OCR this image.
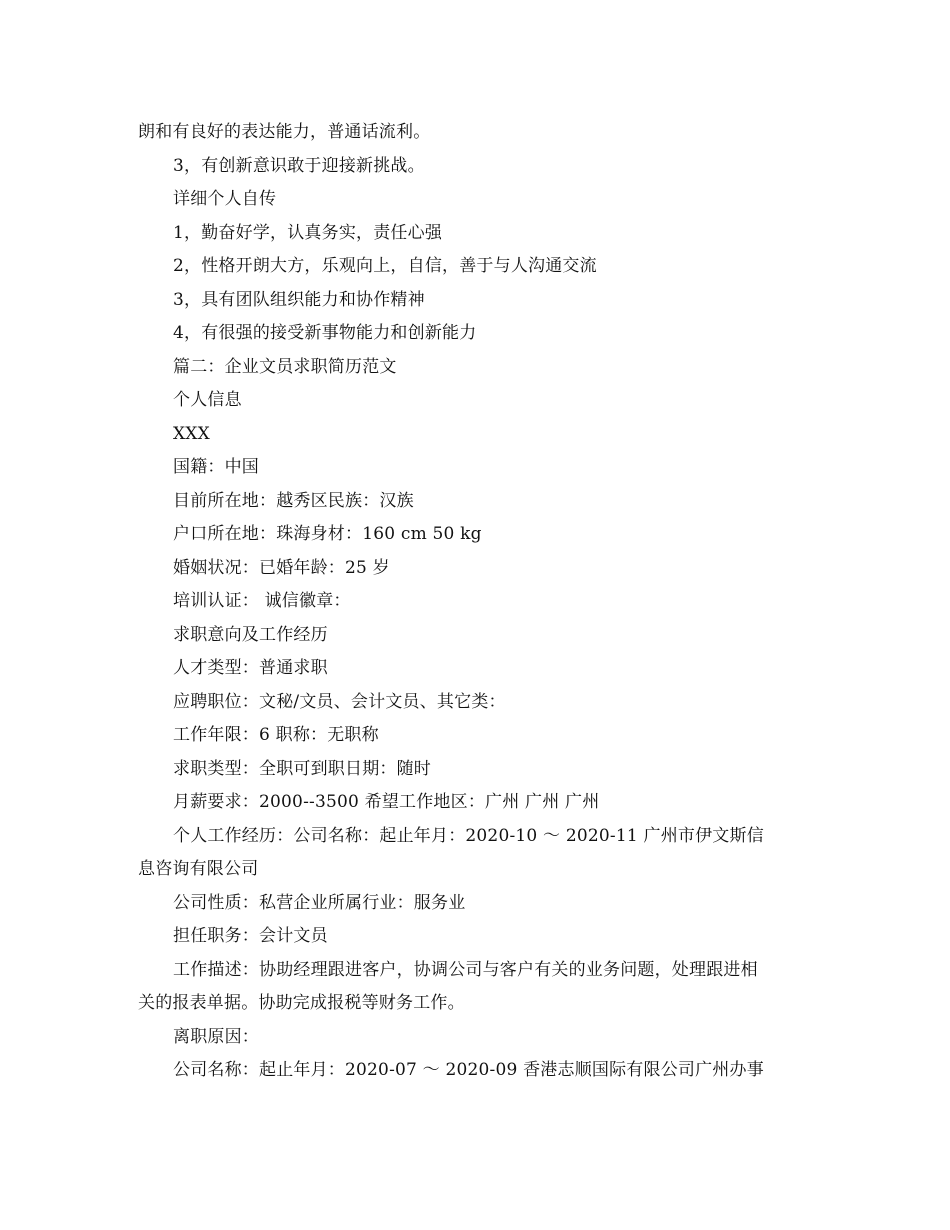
朗和有良好的表达能力，普通话流利。
3，有创新意识敢于迎接新挑战。
详细个人自传
1，勤奋好学，认真务实，责任心强
2，性格开朗大方，乐观向上，自信，善于与人沟通交流
3，具有团队组织能力和协作精神
4，有很强的接受新事物能力和创新能力
篇二：企业文员求职简历范文
个人信息
XXX
国籍：中国
目前所在地：越秀区民族：汉族
户口所在地：珠海身材：160 cm 50 kg
婚姻状况：已婚年龄：25 岁
培训认证： 诚信徽章：
求职意向及工作经历
人才类型：普通求职
应聘职位：文秘/文员、会计文员、其它类：
工作年限：6 职称：无职称
求职类型：全职可到职日期：随时
月薪要求：2000--3500 希望工作地区：广州 广州 广州
个人工作经历：公司名称：起止年月：2020-10 ～ 2020-11 广州市伊文斯信
息咨询有限公司
公司性质：私营企业所属行业：服务业
担任职务：会计文员
工作描述：协助经理跟进客户，协调公司与客户有关的业务问题，处理跟进相
关的报表单据。协助完成报税等财务工作。
离职原因：
公司名称：起止年月：2020-07 ～ 2020-09 香港志顺国际有限公司广州办事
